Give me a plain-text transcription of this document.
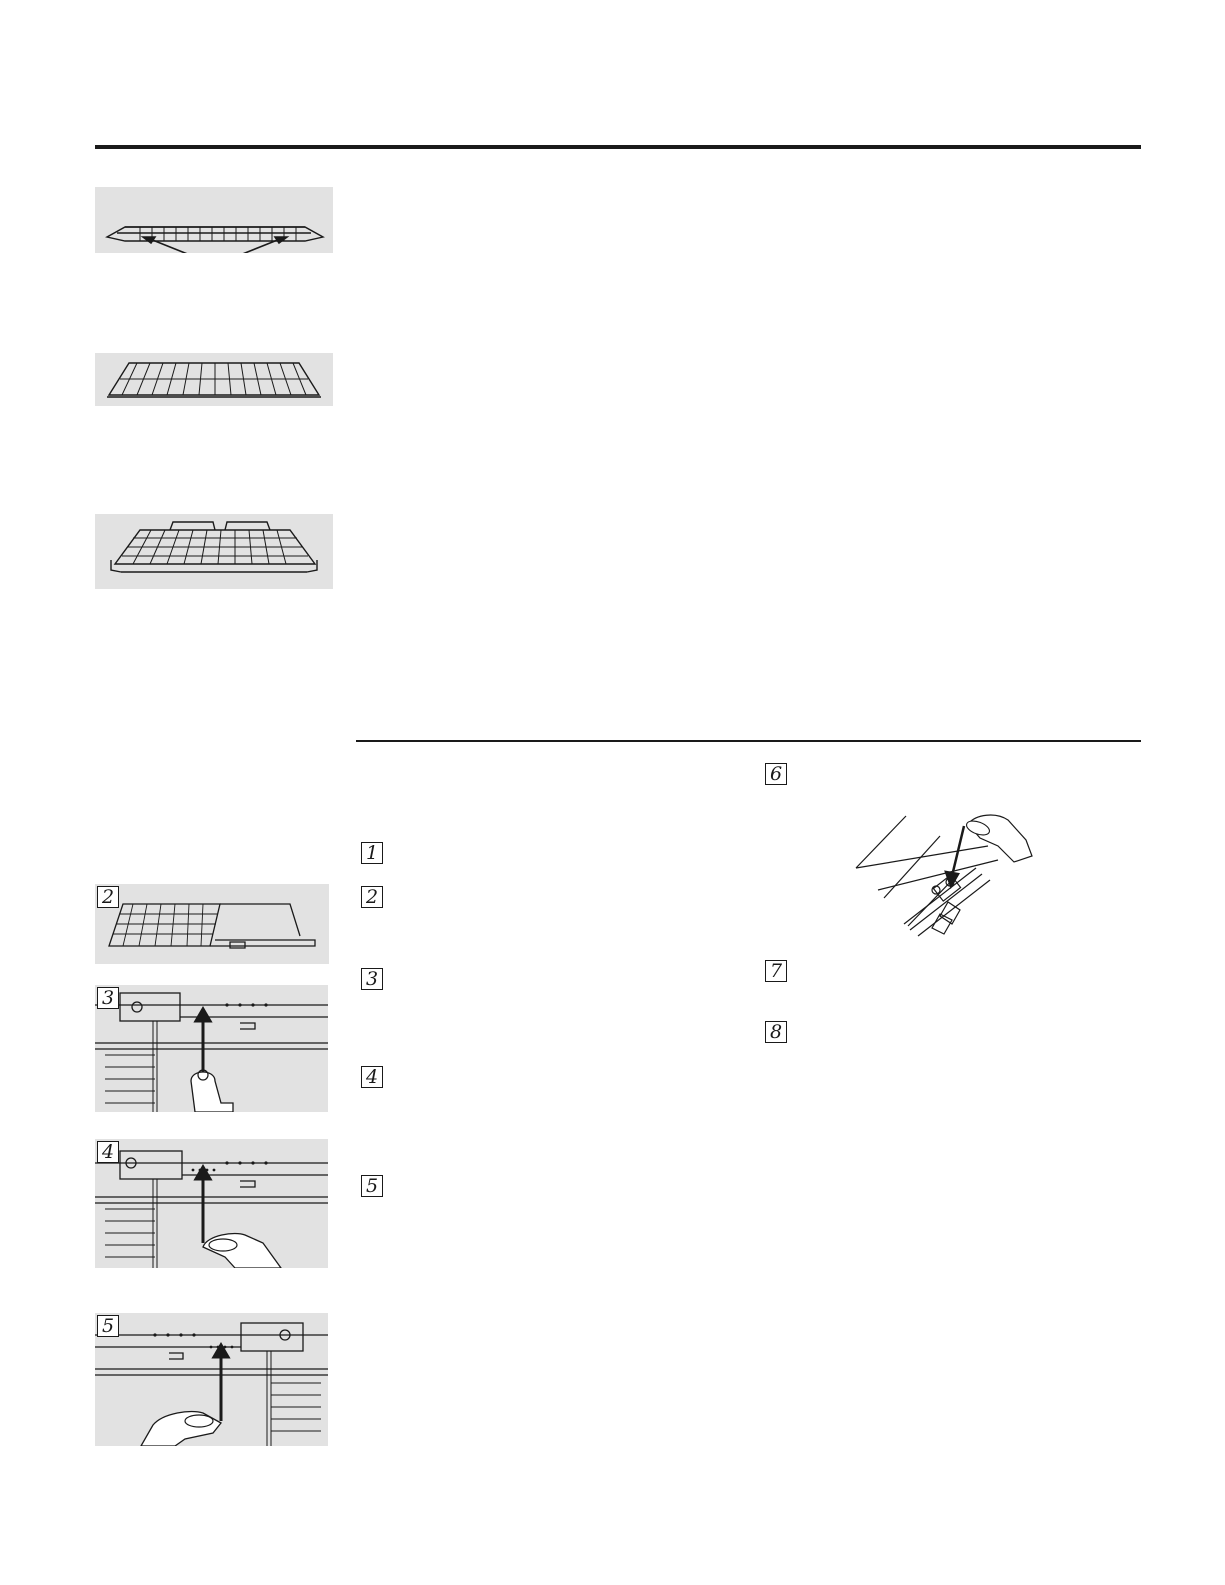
2
3
4
5
1
2
3
4
5
6
7
8
